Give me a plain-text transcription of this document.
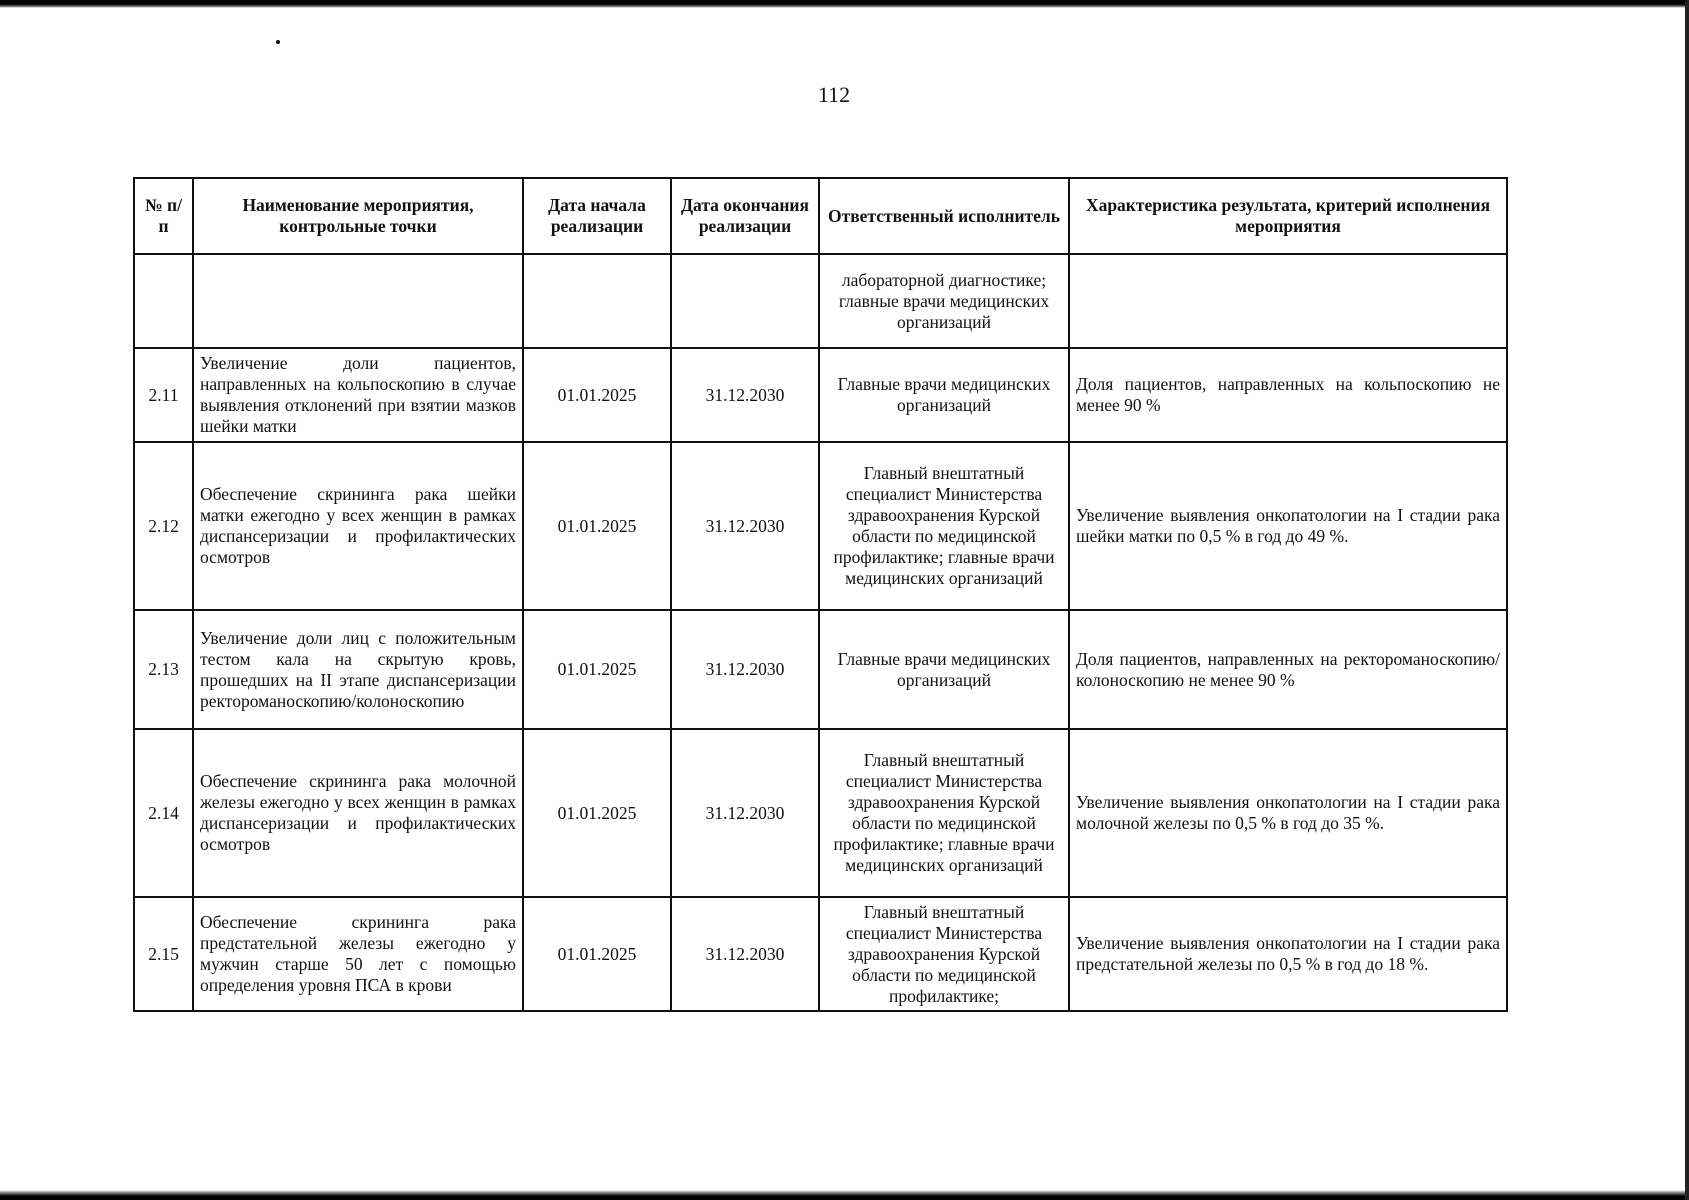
112
№ п/п	Наименование мероприятия, контрольные точки	Дата начала реализации	Дата окончания реализации	Ответственный исполнитель	Характеристика результата, критерий исполнения мероприятия
				лабораторной диагностике; главные врачи медицинских организаций	
2.11	Увеличение доли пациентов, направленных на кольпоскопию в случае выявления отклонений при взятии мазков шейки матки	01.01.2025	31.12.2030	Главные врачи медицинских организаций	Доля пациентов, направленных на кольпоскопию не менее 90 %
2.12	Обеспечение скрининга рака шейки матки ежегодно у всех женщин в рамках диспансеризации и профилактических осмотров	01.01.2025	31.12.2030	Главный внештатный специалист Министерства здравоохранения Курской области по медицинской профилактике; главные врачи медицинских организаций	Увеличение выявления онкопатологии на I стадии рака шейки матки по 0,5 % в год до 49 %.
2.13	Увеличение доли лиц с положительным тестом кала на скрытую кровь, прошедших на II этапе диспансеризации ректороманоскопию/колоноскопию	01.01.2025	31.12.2030	Главные врачи медицинских организаций	Доля пациентов, направленных на ректороманоскопию/колоноскопию не менее 90 %
2.14	Обеспечение скрининга рака молочной железы ежегодно у всех женщин в рамках диспансеризации и профилактических осмотров	01.01.2025	31.12.2030	Главный внештатный специалист Министерства здравоохранения Курской области по медицинской профилактике; главные врачи медицинских организаций	Увеличение выявления онкопатологии на I стадии рака молочной железы по 0,5 % в год до 35 %.
2.15	Обеспечение скрининга рака предстательной железы ежегодно у мужчин старше 50 лет с помощью определения уровня ПСА в крови	01.01.2025	31.12.2030	Главный внештатный специалист Министерства здравоохранения Курской области по медицинской профилактике;	Увеличение выявления онкопатологии на I стадии рака предстательной железы по 0,5 % в год до 18 %.
